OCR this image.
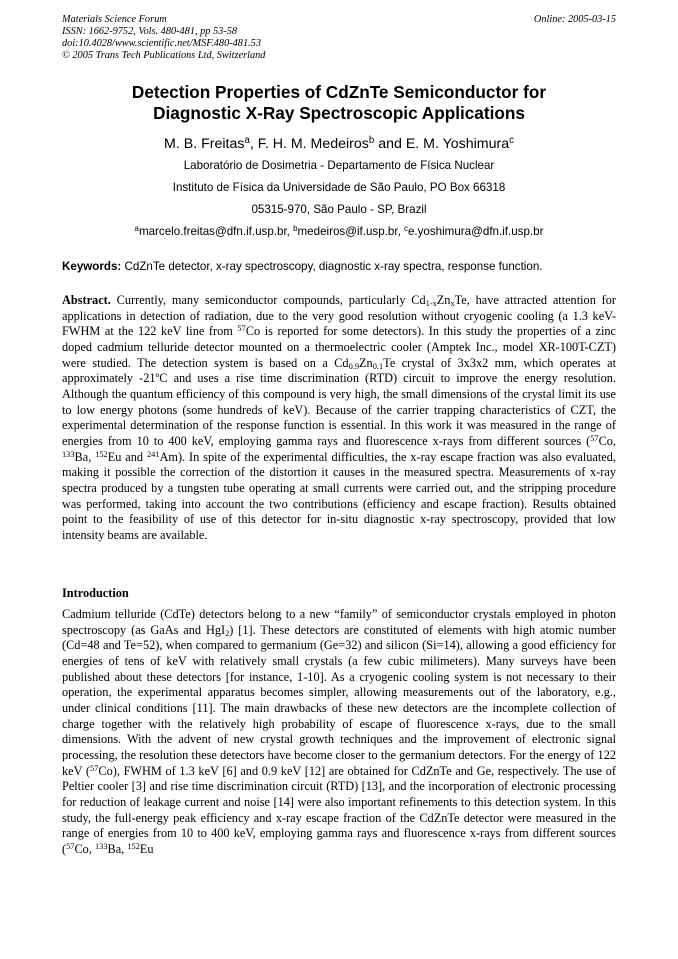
Materials Science Forum
ISSN: 1662-9752, Vols. 480-481, pp 53-58
doi:10.4028/www.scientific.net/MSF.480-481.53
© 2005 Trans Tech Publications Ltd, Switzerland
Online: 2005-03-15
Detection Properties of CdZnTe Semiconductor for
Diagnostic X-Ray Spectroscopic Applications
M. B. Freitas$^a$, F. H. M. Medeiros$^b$ and E. M. Yoshimura$^c$
Laboratório de Dosimetria - Departamento de Física Nuclear
Instituto de Física da Universidade de São Paulo, PO Box 66318
05315-970, São Paulo - SP, Brazil
$^a$marcelo.freitas@dfn.if.usp.br, $^b$medeiros@if.usp.br, $^c$e.yoshimura@dfn.if.usp.br
Keywords: CdZnTe detector, x-ray spectroscopy, diagnostic x-ray spectra, response function.
Abstract. Currently, many semiconductor compounds, particularly $Cd_{1-x}Zn_xTe$, have attracted attention for applications in detection of radiation, due to the very good resolution without cryogenic cooling (a 1.3 keV-FWHM at the 122 keV line from $^{57}$Co is reported for some detectors). In this study the properties of a zinc doped cadmium telluride detector mounted on a thermoelectric cooler (Amptek Inc., model XR-100T-CZT) were studied. The detection system is based on a $Cd_{0.9}Zn_{0.1}Te$ crystal of 3x3x2 mm, which operates at approximately -21ºC and uses a rise time discrimination (RTD) circuit to improve the energy resolution. Although the quantum efficiency of this compound is very high, the small dimensions of the crystal limit its use to low energy photons (some hundreds of keV). Because of the carrier trapping characteristics of CZT, the experimental determination of the response function is essential. In this work it was measured in the range of energies from 10 to 400 keV, employing gamma rays and fluorescence x-rays from different sources ($^{57}$Co, $^{133}$Ba, $^{152}$Eu and $^{241}$Am). In spite of the experimental difficulties, the x-ray escape fraction was also evaluated, making it possible the correction of the distortion it causes in the measured spectra. Measurements of x-ray spectra produced by a tungsten tube operating at small currents were carried out, and the stripping procedure was performed, taking into account the two contributions (efficiency and escape fraction). Results obtained point to the feasibility of use of this detector for in-situ diagnostic x-ray spectroscopy, provided that low intensity beams are available.
Introduction
Cadmium telluride (CdTe) detectors belong to a new “family” of semiconductor crystals employed in photon spectroscopy (as GaAs and HgI$_2$) [1]. These detectors are constituted of elements with high atomic number (Cd=48 and Te=52), when compared to germanium (Ge=32) and silicon (Si=14), allowing a good efficiency for energies of tens of keV with relatively small crystals (a few cubic milimeters). Many surveys have been published about these detectors [for instance, 1-10]. As a cryogenic cooling system is not necessary to their operation, the experimental apparatus becomes simpler, allowing measurements out of the laboratory, e.g., under clinical conditions [11]. The main drawbacks of these new detectors are the incomplete collection of charge together with the relatively high probability of escape of fluorescence x-rays, due to the small dimensions. With the advent of new crystal growth techniques and the improvement of electronic signal processing, the resolution these detectors have become closer to the germanium detectors. For the energy of 122 keV ($^{57}$Co), FWHM of 1.3 keV [6] and 0.9 keV [12] are obtained for CdZnTe and Ge, respectively. The use of Peltier cooler [3] and rise time discrimination circuit (RTD) [13], and the incorporation of electronic processing for reduction of leakage current and noise [14] were also important refinements to this detection system. In this study, the full-energy peak efficiency and x-ray escape fraction of the CdZnTe detector were measured in the range of energies from 10 to 400 keV, employing gamma rays and fluorescence x-rays from different sources ($^{57}$Co, $^{133}$Ba, $^{152}$Eu
